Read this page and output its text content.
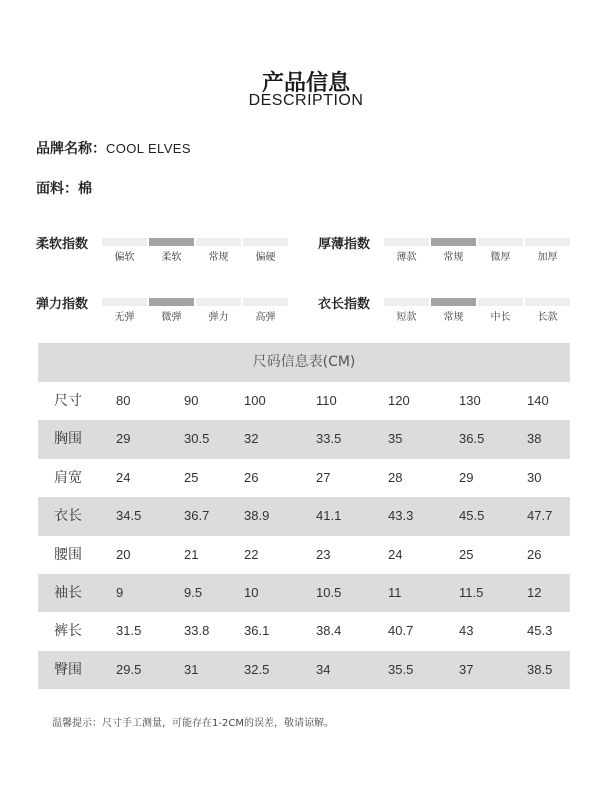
产品信息
DESCRIPTION
品牌名称：COOL ELVES
面料：棉
柔软指数
偏软	柔软	常规	偏硬
厚薄指数
薄款	常规	微厚	加厚
弹力指数
无弹	微弹	弹力	高弹
衣长指数
短款	常规	中长	长款
尺码信息表(CM)
尺寸	80	90	100	110	120	130	140
胸围	29	30.5	32	33.5	35	36.5	38
肩宽	24	25	26	27	28	29	30
衣长	34.5	36.7	38.9	41.1	43.3	45.5	47.7
腰围	20	21	22	23	24	25	26
袖长	9	9.5	10	10.5	11	11.5	12
裤长	31.5	33.8	36.1	38.4	40.7	43	45.3
臀围	29.5	31	32.5	34	35.5	37	38.5
温馨提示：尺寸手工测量，可能存在1-2CM的误差，敬请谅解。
